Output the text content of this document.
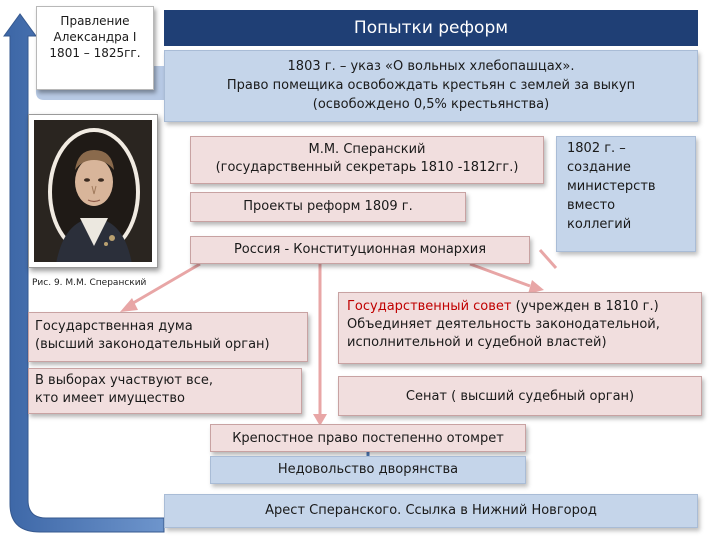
Правление
Александра I
1801 – 1825гг.
Попытки реформ
1803 г. – указ «О вольных хлебопашцах».
Право помещика освобождать крестьян с землей за выкуп
(освобождено 0,5% крестьянства)
Рис. 9. М.М. Сперанский
М.М. Сперанский
(государственный секретарь 1810 -1812гг.)
Проекты реформ 1809 г.
Россия - Конституционная монархия
1802 г. –
создание
министерств
вместо
коллегий
Государственная дума
(высший законодательный орган)
В выборах участвуют все,
кто имеет имущество
Государственный совет (учрежден в 1810 г.)
Объединяет деятельность законодательной,
исполнительной и судебной властей)
Сенат ( высший судебный орган)
Крепостное право постепенно отомрет
Недовольство дворянства
Арест Сперанского. Ссылка в Нижний Новгород
